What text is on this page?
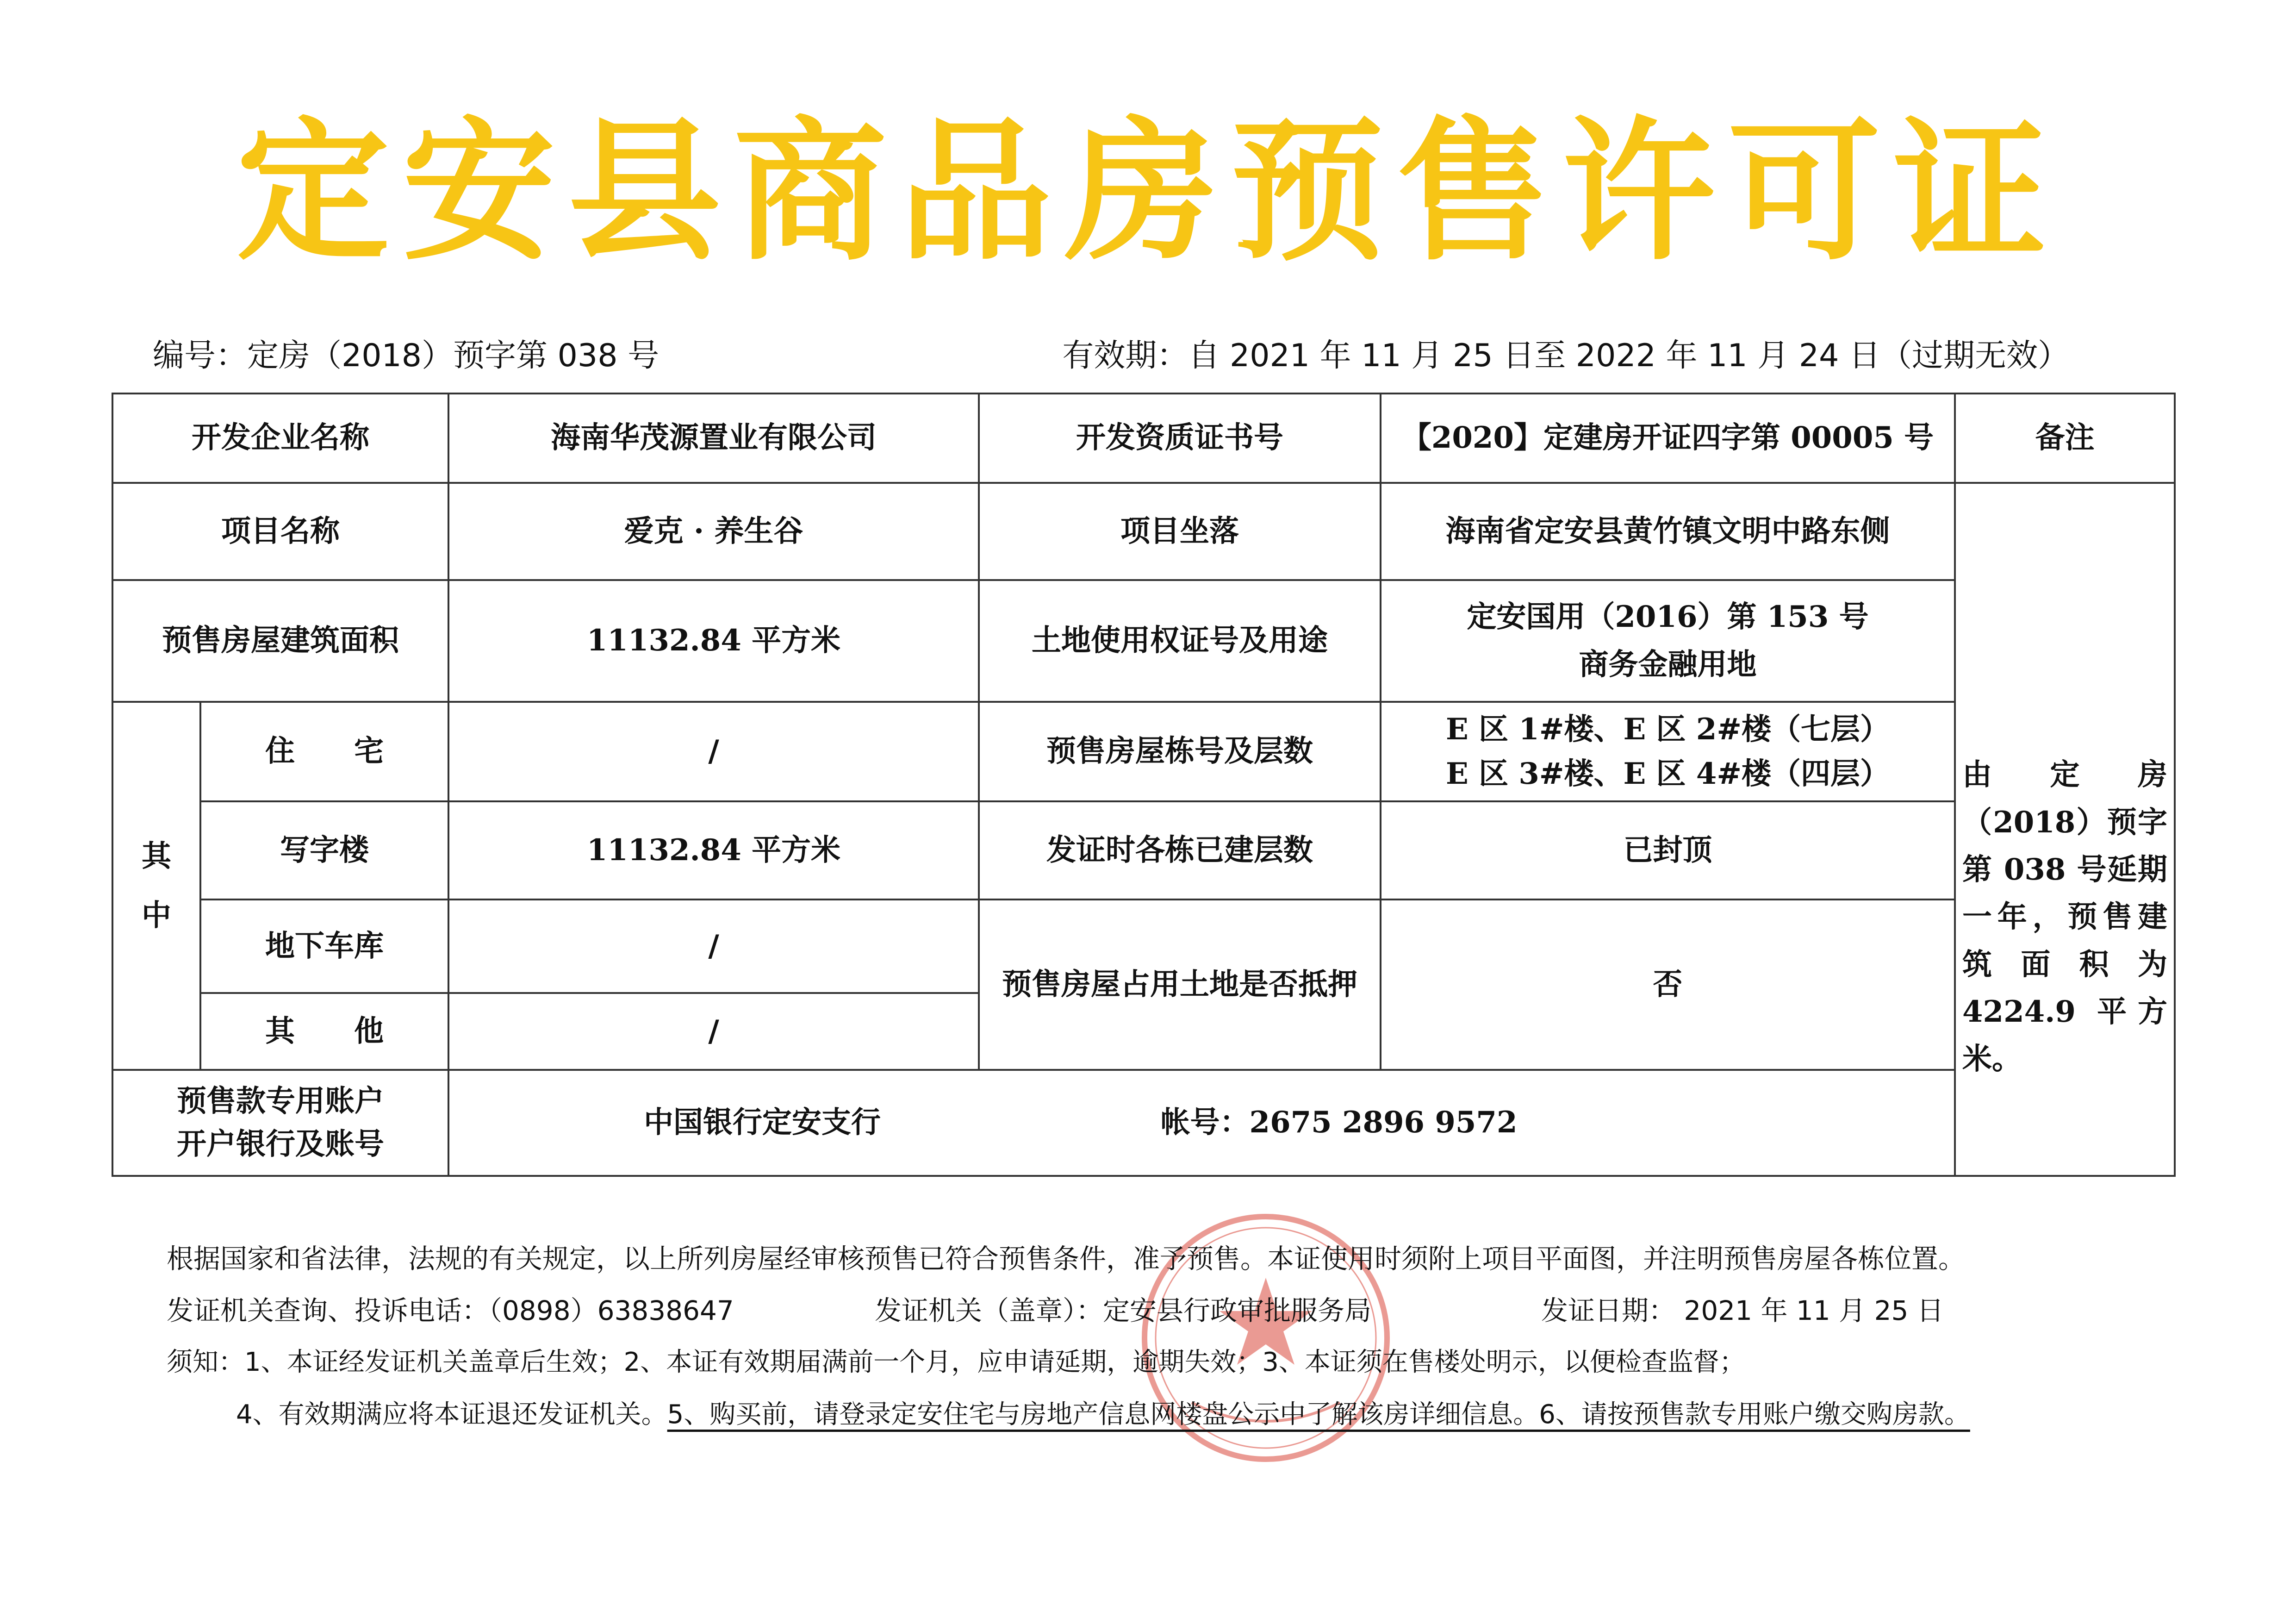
定安县商品房预售许可证
编号：定房（2018）预字第 038 号	有效期：自 2021 年 11 月 25 日至 2022 年 11 月 24 日（过期无效）
开发企业名称		海南华茂源置业有限公司	开发资质证书号	【2020】定建房开证四字第 00005 号	备注
项目名称		爱克 · 养生谷	项目坐落	海南省定安县黄竹镇文明中路东侧	由定房（2018）预字第 038 号延期一年，预售建筑面积为 4224.9 平方米。

预售房屋建筑面积		11132.84 平方米	土地使用权证号及用途	定安国用（2016）第 153 号
商务金融用地	

其中	住　　宅	/	预售房屋栋号及层数	E 区 1#楼、E 区 2#楼（七层）
E 区 3#楼、E 区 4#楼（四层）	

	写字楼	11132.84 平方米	发证时各栋已建层数	已封顶	
	地下车库	/	预售房屋占用土地是否抵押	否	
	其　　他	/			

预售款专用账户
开户银行及账号		中国银行定安支行 帐号：2675 2896 9572			

根据国家和省法律，法规的有关规定，以上所列房屋经审核预售已符合预售条件，准予预售。本证使用时须附上项目平面图，并注明预售房屋各栋位置。
发证机关查询、投诉电话：（0898）63838647	发证机关（盖章）：定安县行政审批服务局	发证日期： 2021 年 11 月 25 日
须知：1、本证经发证机关盖章后生效；2、本证有效期届满前一个月，应申请延期，逾期失效；3、本证须在售楼处明示，以便检查监督；
4、有效期满应将本证退还发证机关。5、购买前，请登录定安住宅与房地产信息网楼盘公示中了解该房详细信息。6、请按预售款专用账户缴交购房款。
